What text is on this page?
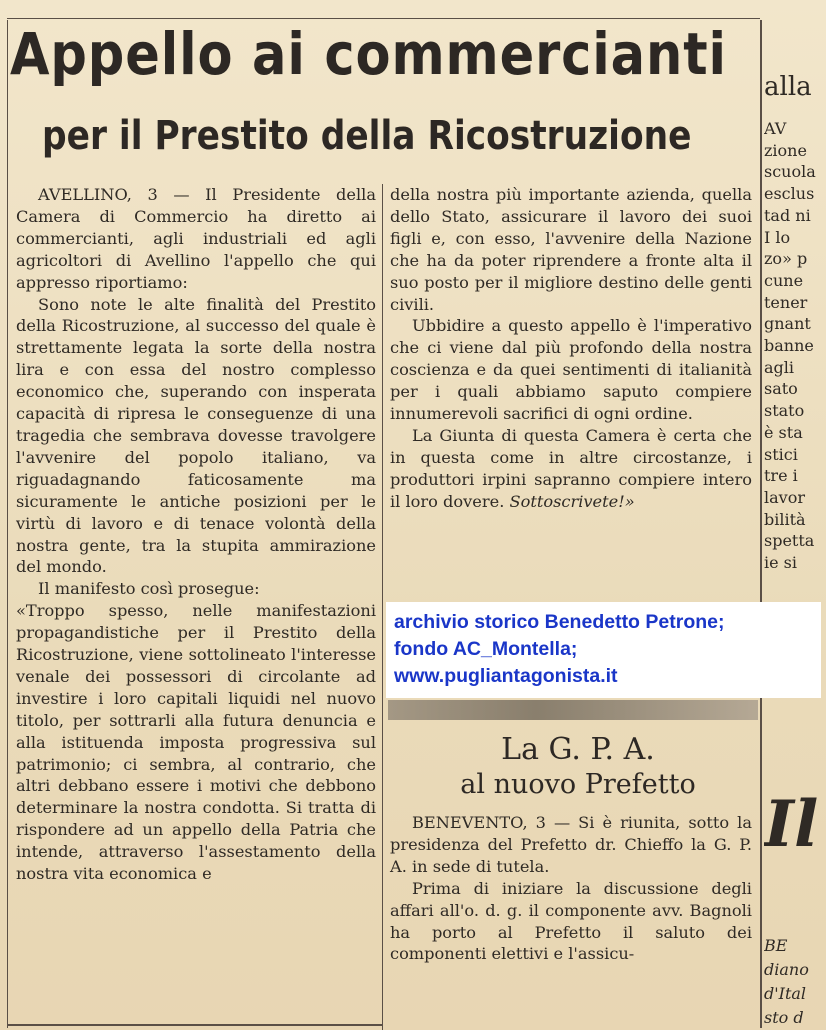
Appello ai commercianti
per il Prestito della Ricostruzione

AVELLINO, 3 — Il Presidente della Camera di Commercio ha diretto ai commercianti, agli industriali ed agli agricoltori di Avellino l'appello che qui appresso riportiamo:

Sono note le alte finalità del Prestito della Ricostruzione, al successo del quale è strettamente legata la sorte della nostra lira e con essa del nostro complesso economico che, superando con insperata capacità di ripresa le conseguenze di una tragedia che sembrava dovesse travolgere l'avvenire del popolo italiano, va riguadagnando faticosamente ma sicuramente le antiche posizioni per le virtù di lavoro e di tenace volontà della nostra gente, tra la stupita ammirazione del mondo.

Il manifesto così prosegue:

«Troppo spesso, nelle manifestazioni propagandistiche per il Prestito della Ricostruzione, viene sottolineato l'interesse venale dei possessori di circolante ad investire i loro capitali liquidi nel nuovo titolo, per sottrarli alla futura denuncia e alla istituenda imposta progressiva sul patrimonio; ci sembra, al contrario, che altri debbano essere i motivi che debbono determinare la nostra condotta. Si tratta di rispondere ad un appello della Patria che intende, attraverso l'assestamento della nostra vita economica e

della nostra più importante azienda, quella dello Stato, assicurare il lavoro dei suoi figli e, con esso, l'avvenire della Nazione che ha da poter riprendere a fronte alta il suo posto per il migliore destino delle genti civili.

Ubbidire a questo appello è l'imperativo che ci viene dal più profondo della nostra coscienza e da quei sentimenti di italianità per i quali abbiamo saputo compiere innumerevoli sacrifici di ogni ordine.

La Giunta di questa Camera è certa che in questa come in altre circostanze, i produttori irpini sapranno compiere intero il loro dovere. Sottoscrivete!»

archivio storico Benedetto Petrone;
fondo AC_Montella;
www.pugliantagonista.it
La G. P. A.
al nuovo Prefetto

BENEVENTO, 3 — Si è riunita, sotto la presidenza del Prefetto dr. Chieffo la G. P. A. in sede di tutela.

Prima di iniziare la discussione degli affari all'o. d. g. il componente avv. Bagnoli ha porto al Prefetto il saluto dei componenti elettivi e l'assicu-

alla
AV
zione
scuola
esclus
tad ni
I lo
zo» p
cune
tener
gnant
banne
agli
sato
stato
è sta
stici
tre i
lavor
bilità
spetta
ie si
Il
BE
diano
d'Ital
sto d
